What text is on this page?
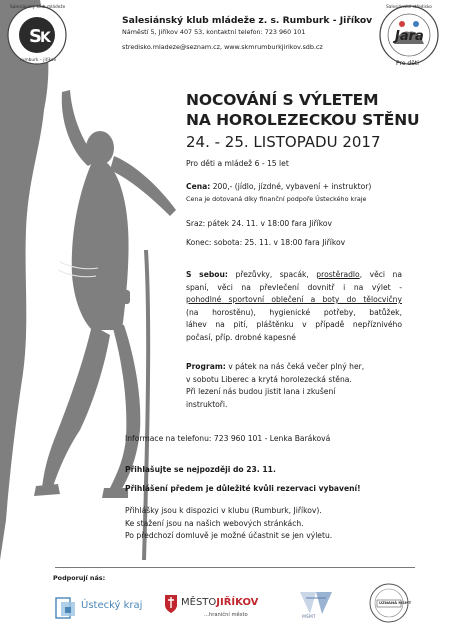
S
K
Salesiánský klub mládeže
rumburk – jiříkov
Salesiánské středisko
Jara
Pro děti
Salesiánský klub mládeže z. s. Rumburk - Jiříkov
Náměstí 5, Jiříkov 407 53, kontaktní telefon: 723 960 101
stredisko.mladeze@seznam.cz, www.skmrumburkjirikov.sdb.cz
NOCOVÁNÍ S VÝLETEM
NA HOROLEZECKOU STĚNU
24. - 25. LISTOPADU 2017
Pro děti a mládež 6 - 15 let
Cena: 200,- (jídlo, jízdné, vybavení + instruktor)
Cena je dotovaná díky finanční podpoře Ústeckého kraje
Sraz: pátek 24. 11. v 18:00 fara Jiříkov
Konec: sobota: 25. 11. v 18:00 fara Jiříkov
S sebou: přezůvky, spacák, prostěradlo, věci na
spaní, věci na převlečení dovnitř i na výlet -
pohodlné sportovní oblečení a boty do tělocvičny
(na horostěnu), hygienické potřeby, batůžek,
láhev na pití, pláštěnku v případě nepříznivého
počasí, příp. drobné kapesné
Program: v pátek na nás čeká večer plný her,
v sobotu Liberec a krytá horolezecká stěna.
Při lezení nás budou jistit lana i zkušení
instruktoři.
Informace na telefonu: 723 960 101 - Lenka Baráková
Přihlašujte se nejpozději do 23. 11.
Přihlášení předem je důležité kvůli rezervaci vybavení!
Přihlášky jsou k dispozici v klubu (Rumburk, Jiříkov).
Ke stažení jsou na našich webových stránkách.
Po předchozí domluvě je možné účastnit se jen výletu.
Podporují nás:
Ústecký kraj	MĚSTOJIŘÍKOV
...hraniční město	MŠMT
UZNANÁ MŠMT
